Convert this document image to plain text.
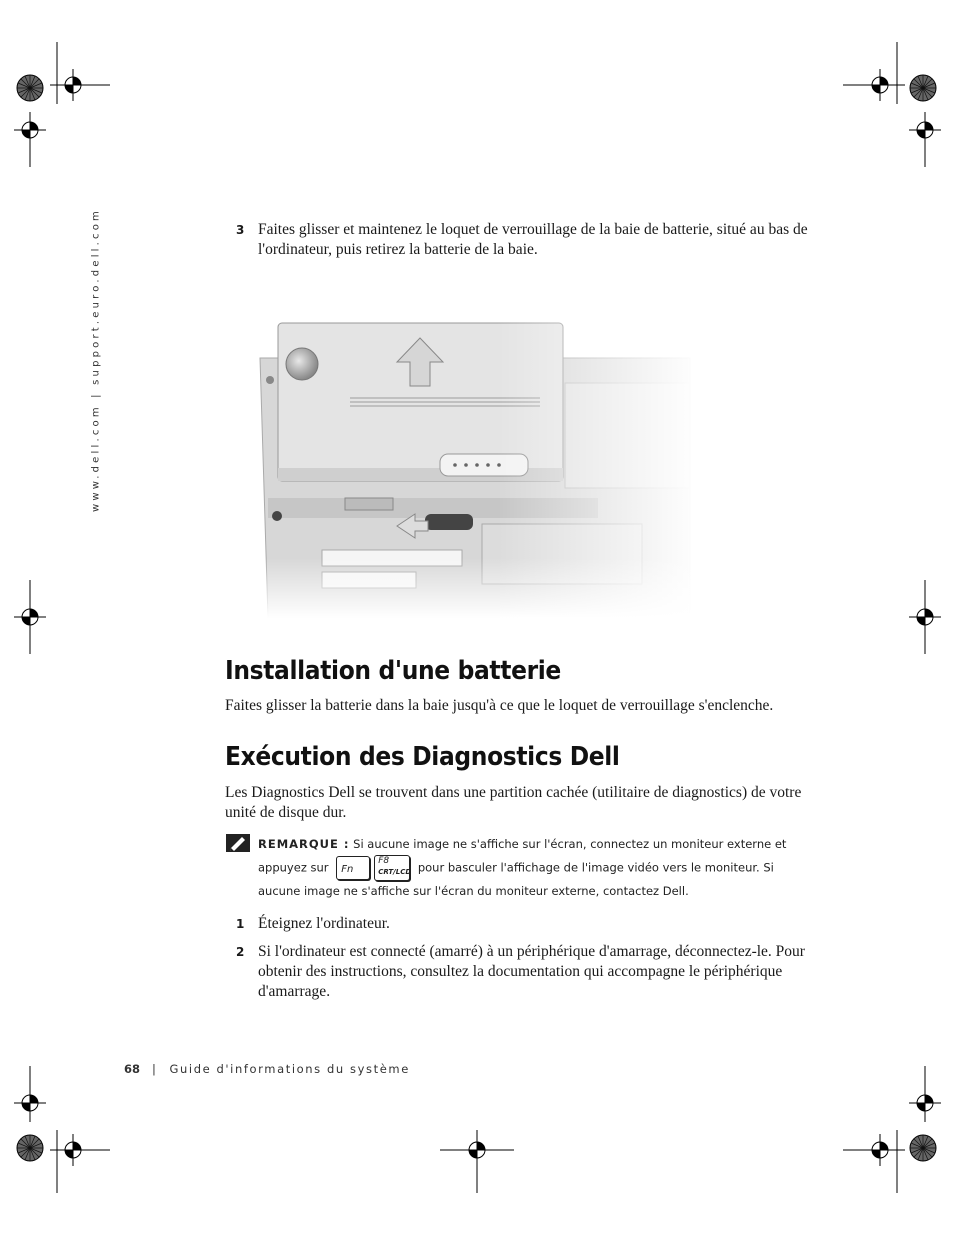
www.dell.com | support.euro.dell.com	3 Faites glisser et maintenez le loquet de verrouillage de la baie de batterie, situé au bas de l'ordinateur, puis retirez la batterie de la baie.
Installation d'une batterie
Faites glisser la batterie dans la baie jusqu'à ce que le loquet de verrouillage s'enclenche.
Exécution des Diagnostics Dell
Les Diagnostics Dell se trouvent dans une partition cachée (utilitaire de diagnostics) de votre unité de disque dur.
REMARQUE : Si aucune image ne s'affiche sur l'écran, connectez un moniteur externe et appuyez sur Fn
F8
CRT/LCD pour basculer l'affichage de l'image vidéo vers le moniteur. Si aucune image ne s'affiche sur l'écran du moniteur externe, contactez Dell.
1 Éteignez l'ordinateur.
2 Si l'ordinateur est connecté (amarré) à un périphérique d'amarrage, déconnectez-le. Pour obtenir des instructions, consultez la documentation qui accompagne le périphérique d'amarrage.
68 | Guide d'informations du système
